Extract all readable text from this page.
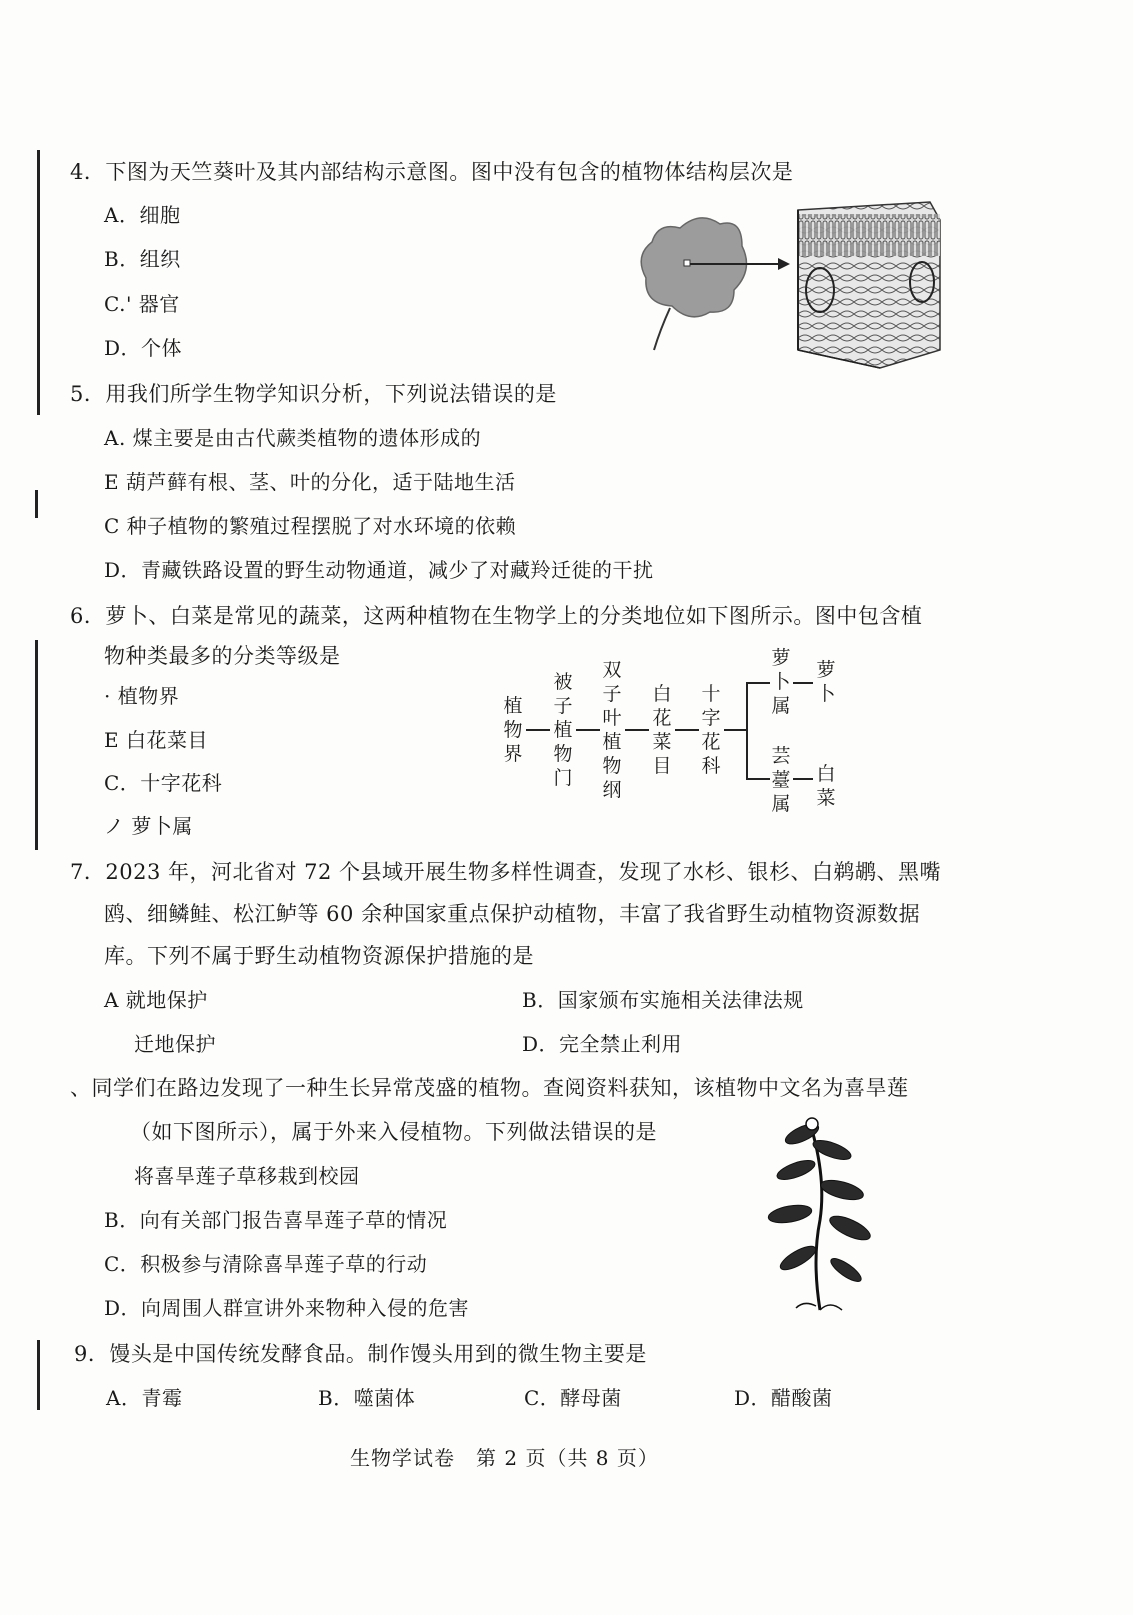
4．下图为天竺葵叶及其内部结构示意图。图中没有包含的植物体结构层次是
A．细胞
B．组织
C.' 器官
D．个体
5．用我们所学生物学知识分析，下列说法错误的是
A. 煤主要是由古代蕨类植物的遗体形成的
E 葫芦藓有根、茎、叶的分化，适于陆地生活
C 种子植物的繁殖过程摆脱了对水环境的依赖
D．青藏铁路设置的野生动物通道，减少了对藏羚迁徙的干扰
6．萝卜、白菜是常见的蔬菜，这两种植物在生物学上的分类地位如下图所示。图中包含植
物种类最多的分类等级是
· 植物界
E 白花菜目
C．十字花科
ノ 萝卜属
植
物
界
被
子
植
物
门
双
子
叶
植
物
纲
白
花
菜
目
十
字
花
科
萝
卜
属
萝
卜
芸
薹
属
白
菜
7．2023 年，河北省对 72 个县域开展生物多样性调查，发现了水杉、银杉、白鹈鹕、黑嘴
鸥、细鳞鲑、松江鲈等 60 余种国家重点保护动植物，丰富了我省野生动植物资源数据
库。下列不属于野生动植物资源保护措施的是
A 就地保护	B．国家颁布实施相关法律法规
迁地保护	D．完全禁止利用
、同学们在路边发现了一种生长异常茂盛的植物。查阅资料获知，该植物中文名为喜旱莲
（如下图所示），属于外来入侵植物。下列做法错误的是
将喜旱莲子草移栽到校园
B．向有关部门报告喜旱莲子草的情况
C．积极参与清除喜旱莲子草的行动
D．向周围人群宣讲外来物种入侵的危害
9．馒头是中国传统发酵食品。制作馒头用到的微生物主要是
A．青霉	B．噬菌体	C．酵母菌	D．醋酸菌
生物学试卷　第 2 页（共 8 页）
